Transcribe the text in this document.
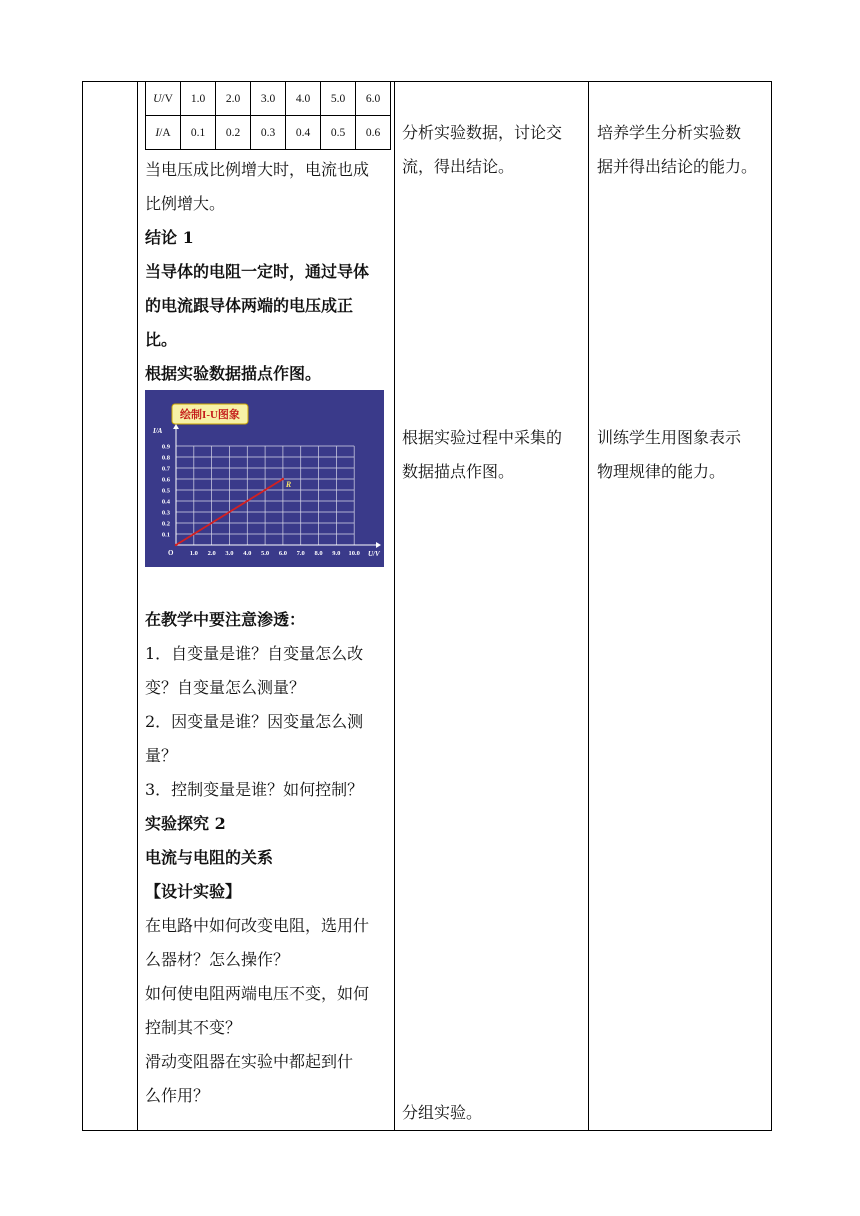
U/V	1.0	2.0	3.0	4.0	5.0	6.0
I/A	0.1	0.2	0.3	0.4	0.5	0.6

当电压成比例增大时，电流也成

比例增大。

结论 1

当导体的电阻一定时，通过导体

的电流跟导体两端的电压成正

比。

根据实验数据描点作图。

绘制I-U图象
1.0 2.0 3.0 4.0 5.0 6.0 7.0 8.0 9.0 10.0
0.1
0.2
0.3
0.4
0.5
0.6
0.7
0.8
0.9
I/A
U/V
O
R

在教学中要注意渗透：

1．自变量是谁？自变量怎么改

变？自变量怎么测量？

2．因变量是谁？因变量怎么测

量？

3．控制变量是谁？如何控制？

实验探究 2

电流与电阻的关系

【设计实验】

在电路中如何改变电阻，选用什

么器材？怎么操作？

如何使电阻两端电压不变，如何

控制其不变？

滑动变阻器在实验中都起到什

么作用？

分析实验数据，讨论交

流，得出结论。

根据实验过程中采集的

数据描点作图。

分组实验。

培养学生分析实验数

据并得出结论的能力。

训练学生用图象表示

物理规律的能力。
